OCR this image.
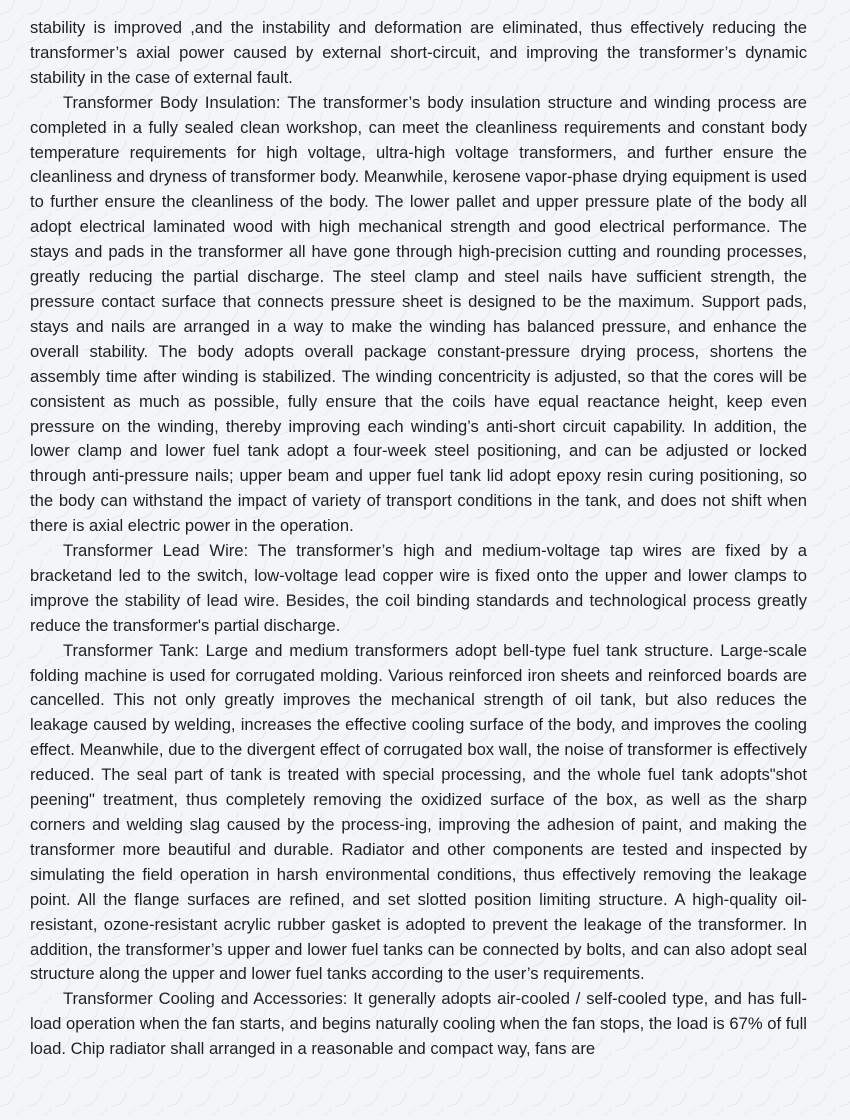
stability is improved ,and the instability and deformation are eliminated, thus effectively reducing the transformer’s axial power caused by external short-circuit, and improving the transformer’s dynamic stability in the case of external fault.

Transformer Body Insulation: The transformer’s body insulation structure and winding process are completed in a fully sealed clean workshop, can meet the cleanliness requirements and constant body temperature requirements for high voltage, ultra-high voltage transformers, and further ensure the cleanliness and dryness of transformer body. Meanwhile, kerosene vapor-phase drying equipment is used to further ensure the cleanliness of the body. The lower pallet and upper pressure plate of the body all adopt electrical laminated wood with high mechanical strength and good electrical performance. The stays and pads in the transformer all have gone through high-precision cutting and rounding processes, greatly reducing the partial discharge. The steel clamp and steel nails have sufficient strength, the pressure contact surface that connects pressure sheet is designed to be the maximum. Support pads, stays and nails are arranged in a way to make the winding has balanced pressure, and enhance the overall stability. The body adopts overall package constant-pressure drying process, shortens the assembly time after winding is stabilized. The winding concentricity is adjusted, so that the cores will be consistent as much as possible, fully ensure that the coils have equal reactance height, keep even pressure on the winding, thereby improving each winding’s anti-short circuit capability. In addition, the lower clamp and lower fuel tank adopt a four-week steel positioning, and can be adjusted or locked through anti-pressure nails; upper beam and upper fuel tank lid adopt epoxy resin curing positioning, so the body can withstand the impact of variety of transport conditions in the tank, and does not shift when there is axial electric power in the operation.

Transformer Lead Wire: The transformer’s high and medium-voltage tap wires are fixed by a bracketand led to the switch, low-voltage lead copper wire is fixed onto the upper and lower clamps to improve the stability of lead wire. Besides, the coil binding standards and technological process greatly reduce the transformer's partial discharge.

Transformer Tank: Large and medium transformers adopt bell-type fuel tank structure. Large-scale folding machine is used for corrugated molding. Various reinforced iron sheets and reinforced boards are cancelled. This not only greatly improves the mechanical strength of oil tank, but also reduces the leakage caused by welding, increases the effective cooling surface of the body, and improves the cooling effect. Meanwhile, due to the divergent effect of corrugated box wall, the noise of transformer is effectively reduced. The seal part of tank is treated with special processing, and the whole fuel tank adopts"shot peening" treatment, thus completely removing the oxidized surface of the box, as well as the sharp corners and welding slag caused by the process-ing, improving the adhesion of paint, and making the transformer more beautiful and durable. Radiator and other components are tested and inspected by simulating the field operation in harsh environmental conditions, thus effectively removing the leakage point. All the flange surfaces are refined, and set slotted position limiting structure. A high-quality oil-resistant, ozone-resistant acrylic rubber gasket is adopted to prevent the leakage of the transformer. In addition, the transformer’s upper and lower fuel tanks can be connected by bolts, and can also adopt seal structure along the upper and lower fuel tanks according to the user’s requirements.

Transformer Cooling and Accessories: It generally adopts air-cooled / self-cooled type, and has full-load operation when the fan starts, and begins naturally cooling when the fan stops, the load is 67% of full load. Chip radiator shall arranged in a reasonable and compact way, fans are
